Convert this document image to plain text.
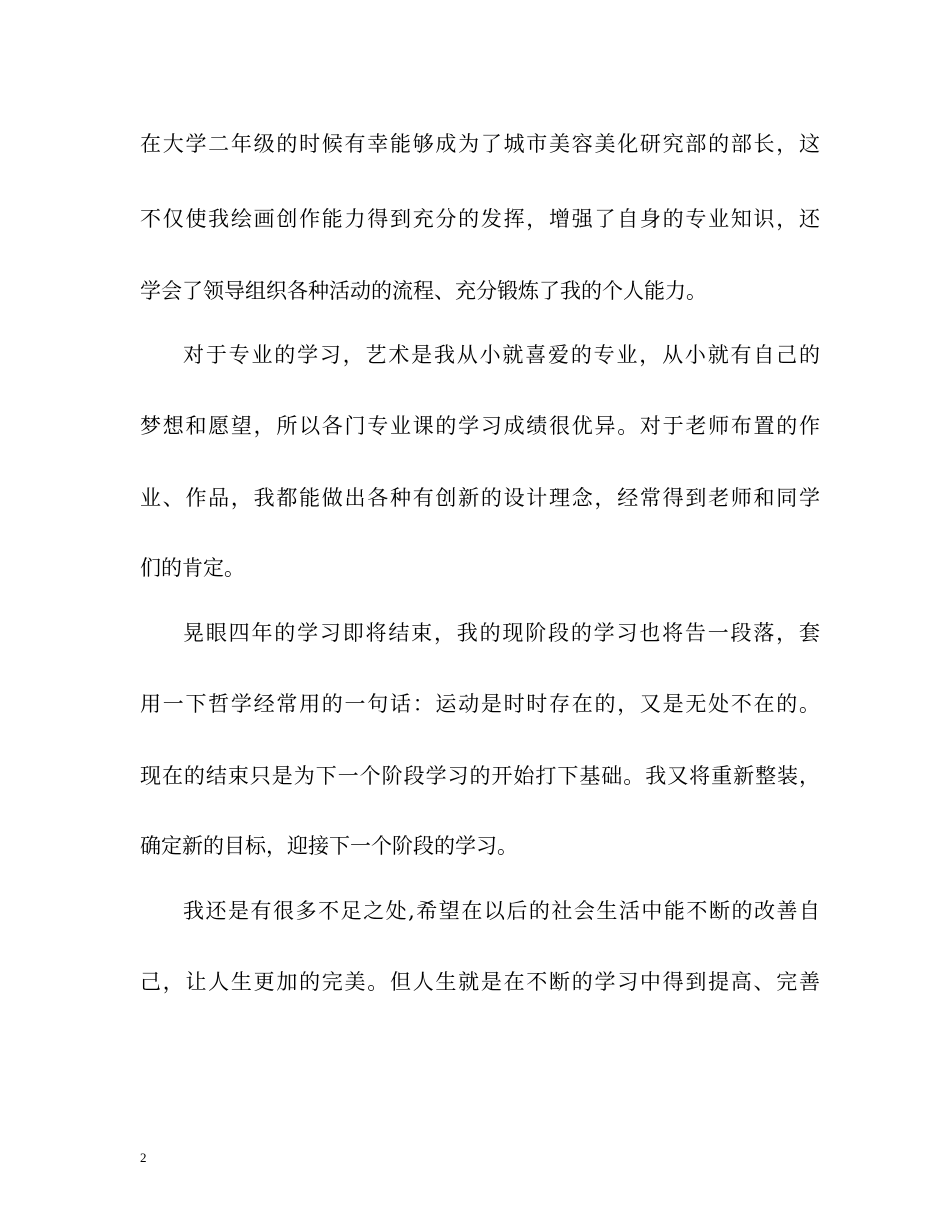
在大学二年级的时候有幸能够成为了城市美容美化研究部的部长，这
不仅使我绘画创作能力得到充分的发挥，增强了自身的专业知识，还
学会了领导组织各种活动的流程、充分锻炼了我的个人能力。
对于专业的学习，艺术是我从小就喜爱的专业，从小就有自己的
梦想和愿望，所以各门专业课的学习成绩很优异。对于老师布置的作
业、作品，我都能做出各种有创新的设计理念，经常得到老师和同学
们的肯定。
晃眼四年的学习即将结束，我的现阶段的学习也将告一段落，套
用一下哲学经常用的一句话：运动是时时存在的，又是无处不在的。
现在的结束只是为下一个阶段学习的开始打下基础。我又将重新整装，
确定新的目标，迎接下一个阶段的学习。
我还是有很多不足之处,希望在以后的社会生活中能不断的改善自
己，让人生更加的完美。但人生就是在不断的学习中得到提高、完善
2
